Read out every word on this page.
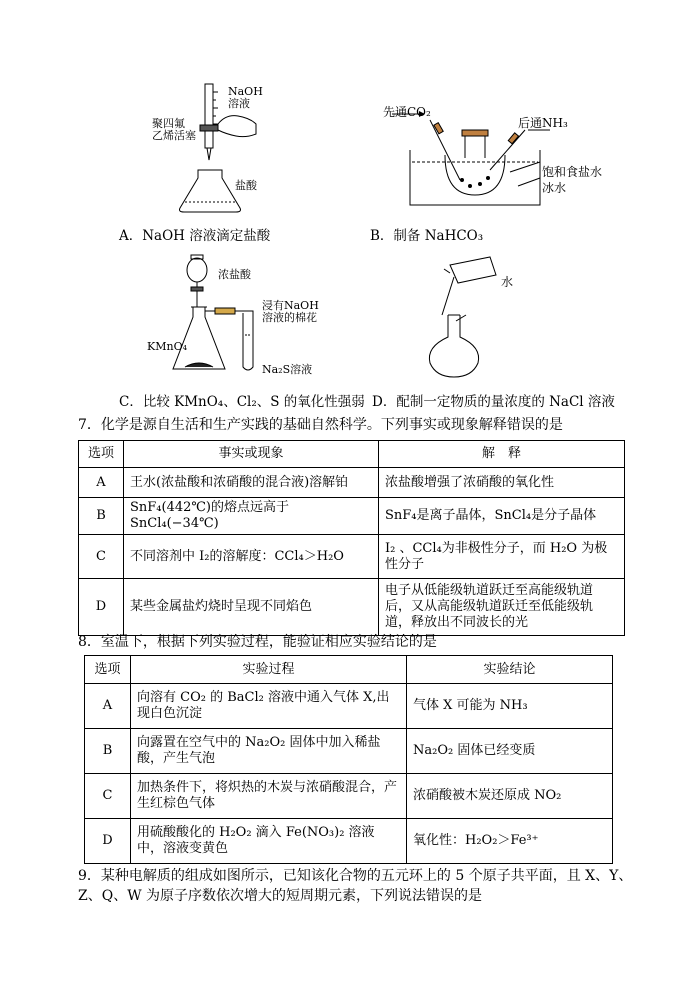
NaOH
溶液
聚四氟
乙烯活塞
盐酸
A．NaOH 溶液滴定盐酸
先通CO₂
后通NH₃
饱和食盐水
冰水
B．制备 NaHCO₃
浓盐酸
浸有NaOH
溶液的棉花
KMnO₄
Na₂S溶液
C．比较 KMnO₄、Cl₂、S 的氧化性强弱
水
D．配制一定物质的量浓度的 NaCl 溶液
7．化学是源自生活和生产实践的基础自然科学。下列事实或现象解释错误的是
选项	事实或现象	解　释
A	王水(浓盐酸和浓硝酸的混合液)溶解铂	浓盐酸增强了浓硝酸的氧化性
B	SnF₄(442℃)的熔点远高于 SnCl₄(−34℃)	SnF₄是离子晶体，SnCl₄是分子晶体
C	不同溶剂中 I₂的溶解度：CCl₄＞H₂O	I₂ 、CCl₄为非极性分子，而 H₂O 为极性分子
D	某些金属盐灼烧时呈现不同焰色	电子从低能级轨道跃迁至高能级轨道后，又从高能级轨道跃迁至低能级轨道，释放出不同波长的光
8．室温下，根据下列实验过程，能验证相应实验结论的是
选项	实验过程	实验结论
A	向溶有 CO₂ 的 BaCl₂ 溶液中通入气体 X,出现白色沉淀	气体 X 可能为 NH₃
B	向露置在空气中的 Na₂O₂ 固体中加入稀盐酸，产生气泡	Na₂O₂ 固体已经变质
C	加热条件下，将炽热的木炭与浓硝酸混合，产生红棕色气体	浓硝酸被木炭还原成 NO₂
D	用硫酸酸化的 H₂O₂ 滴入 Fe(NO₃)₂ 溶液中，溶液变黄色	氧化性：H₂O₂＞Fe³⁺
9．某种电解质的组成如图所示，已知该化合物的五元环上的 5 个原子共平面，且 X、Y、Z、Q、W 为原子序数依次增大的短周期元素，下列说法错误的是
